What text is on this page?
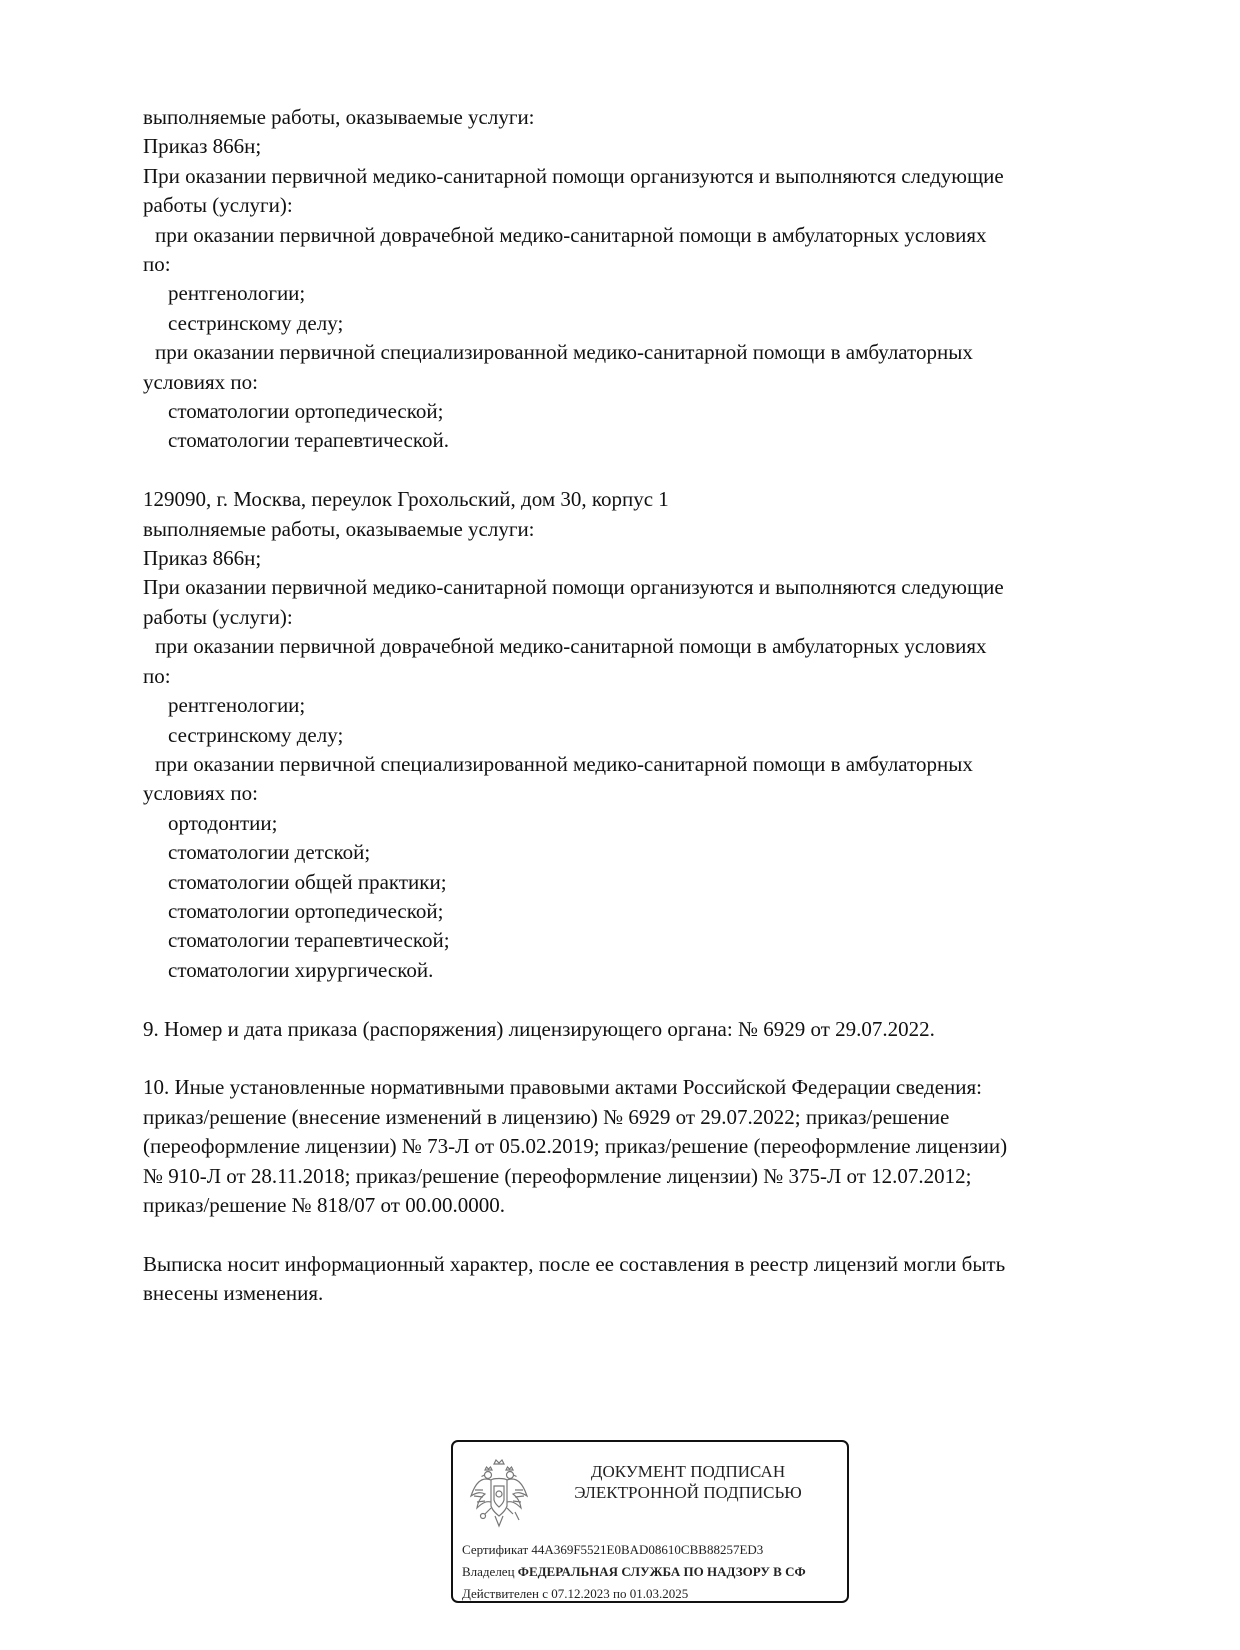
выполняемые работы, оказываемые услуги:
Приказ 866н;
При оказании первичной медико-санитарной помощи организуются и выполняются следующие
работы (услуги):
при оказании первичной доврачебной медико-санитарной помощи в амбулаторных условиях
по:
рентгенологии;
сестринскому делу;
при оказании первичной специализированной медико-санитарной помощи в амбулаторных
условиях по:
стоматологии ортопедической;
стоматологии терапевтической.
129090, г. Москва, переулок Грохольский, дом 30, корпус 1
выполняемые работы, оказываемые услуги:
Приказ 866н;
При оказании первичной медико-санитарной помощи организуются и выполняются следующие
работы (услуги):
при оказании первичной доврачебной медико-санитарной помощи в амбулаторных условиях
по:
рентгенологии;
сестринскому делу;
при оказании первичной специализированной медико-санитарной помощи в амбулаторных
условиях по:
ортодонтии;
стоматологии детской;
стоматологии общей практики;
стоматологии ортопедической;
стоматологии терапевтической;
стоматологии хирургической.
9. Номер и дата приказа (распоряжения) лицензирующего органа: № 6929 от 29.07.2022.
10. Иные установленные нормативными правовыми актами Российской Федерации сведения:
приказ/решение (внесение изменений в лицензию) № 6929 от 29.07.2022; приказ/решение
(переоформление лицензии) № 73-Л от 05.02.2019; приказ/решение (переоформление лицензии)
№ 910-Л от 28.11.2018; приказ/решение (переоформление лицензии) № 375-Л от 12.07.2012;
приказ/решение № 818/07 от 00.00.0000.
Выписка носит информационный характер, после ее составления в реестр лицензий могли быть
внесены изменения.
ДОКУМЕНТ ПОДПИСАН
ЭЛЕКТРОННОЙ ПОДПИСЬЮ
Сертификат 44A369F5521E0BAD08610CBB88257ED3
Владелец ФЕДЕРАЛЬНАЯ СЛУЖБА ПО НАДЗОРУ В СФ
Действителен с 07.12.2023 по 01.03.2025
